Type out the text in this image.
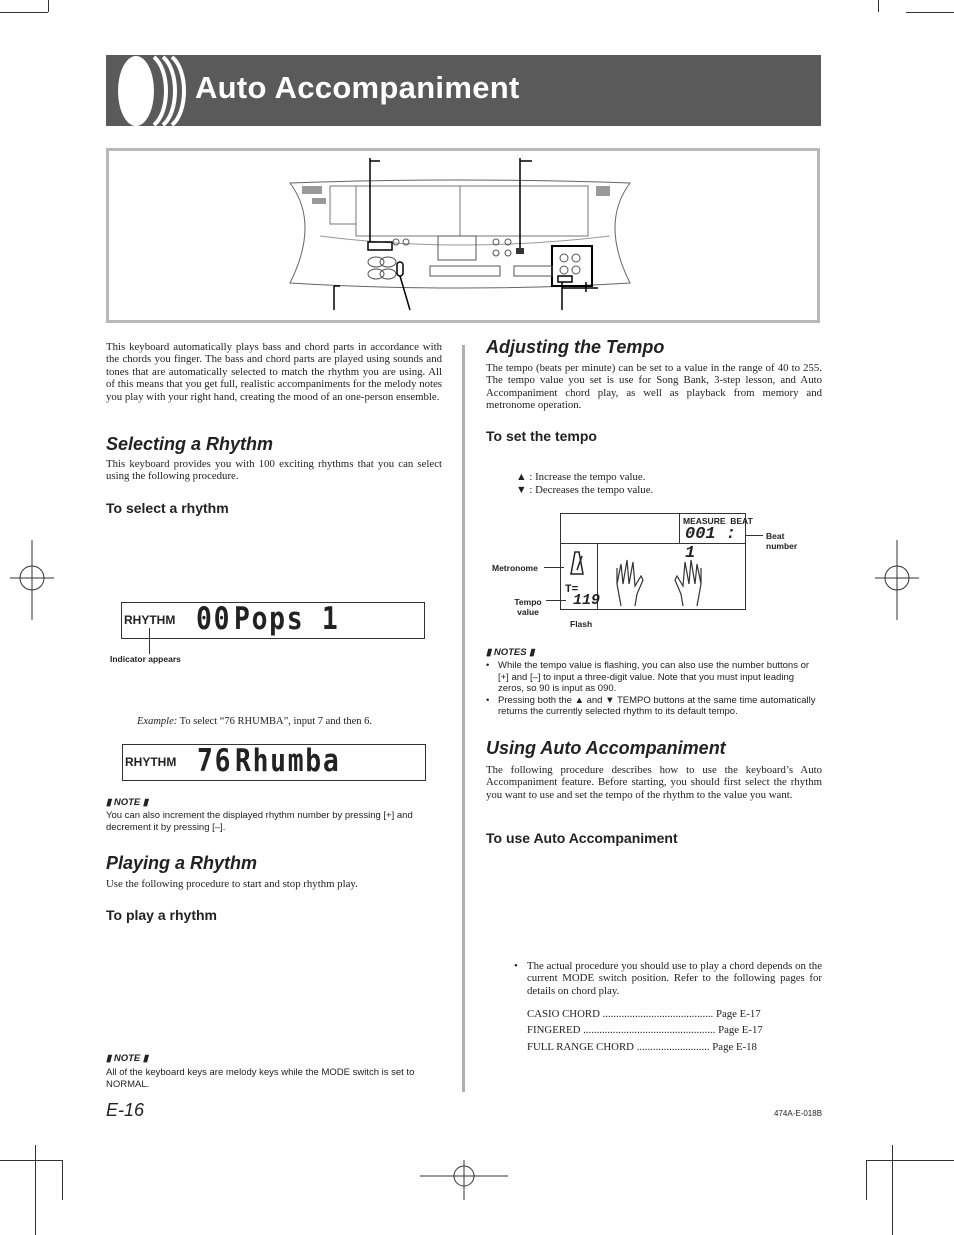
Auto Accompaniment
This keyboard automatically plays bass and chord parts in accordance with the chords you finger. The bass and chord parts are played using sounds and tones that are automatically selected to match the rhythm you are using. All of this means that you get full, realistic accompaniments for the melody notes you play with your right hand, creating the mood of an one-person ensemble.
Selecting a Rhythm
This keyboard provides you with 100 exciting rhythms that you can select using the following procedure.
To select a rhythm
RHYTHM 00 Pops 1
Indicator appears
Example: To select “76 RHUMBA”, input 7 and then 6.
RHYTHM 76 Rhumba
▮ NOTE ▮
You can also increment the displayed rhythm number by pressing [+] and decrement it by pressing [–].
Playing a Rhythm
Use the following procedure to start and stop rhythm play.
To play a rhythm
▮ NOTE ▮
All of the keyboard keys are melody keys while the MODE switch is set to NORMAL.
Adjusting the Tempo
The tempo (beats per minute) can be set to a value in the range of 40 to 255. The tempo value you set is use for Song Bank, 3-step lesson, and Auto Accompaniment chord play, as well as playback from memory and metronome operation.
To set the tempo
▲ : Increase the tempo value.
▼ : Decreases the tempo value.
MEASURE BEAT
001 : 1
T=
119
Beat number
Metronome
Tempo value
Flash
▮ NOTES ▮
• While the tempo value is flashing, you can also use the number buttons or [+] and [–] to input a three-digit value. Note that you must input leading zeros, so 90 is input as 090.
• Pressing both the ▲ and ▼ TEMPO buttons at the same time automatically returns the currently selected rhythm to its default tempo.
Using Auto Accompaniment
The following procedure describes how to use the keyboard’s Auto Accompaniment feature. Before starting, you should first select the rhythm you want to use and set the tempo of the rhythm to the value you want.
To use Auto Accompaniment
• The actual procedure you should use to play a chord depends on the current MODE switch position. Refer to the following pages for details on chord play.
CASIO CHORD ......................................... Page E-17
FINGERED ................................................. Page E-17
FULL RANGE CHORD ........................... Page E-18
E-16	474A-E-018B
